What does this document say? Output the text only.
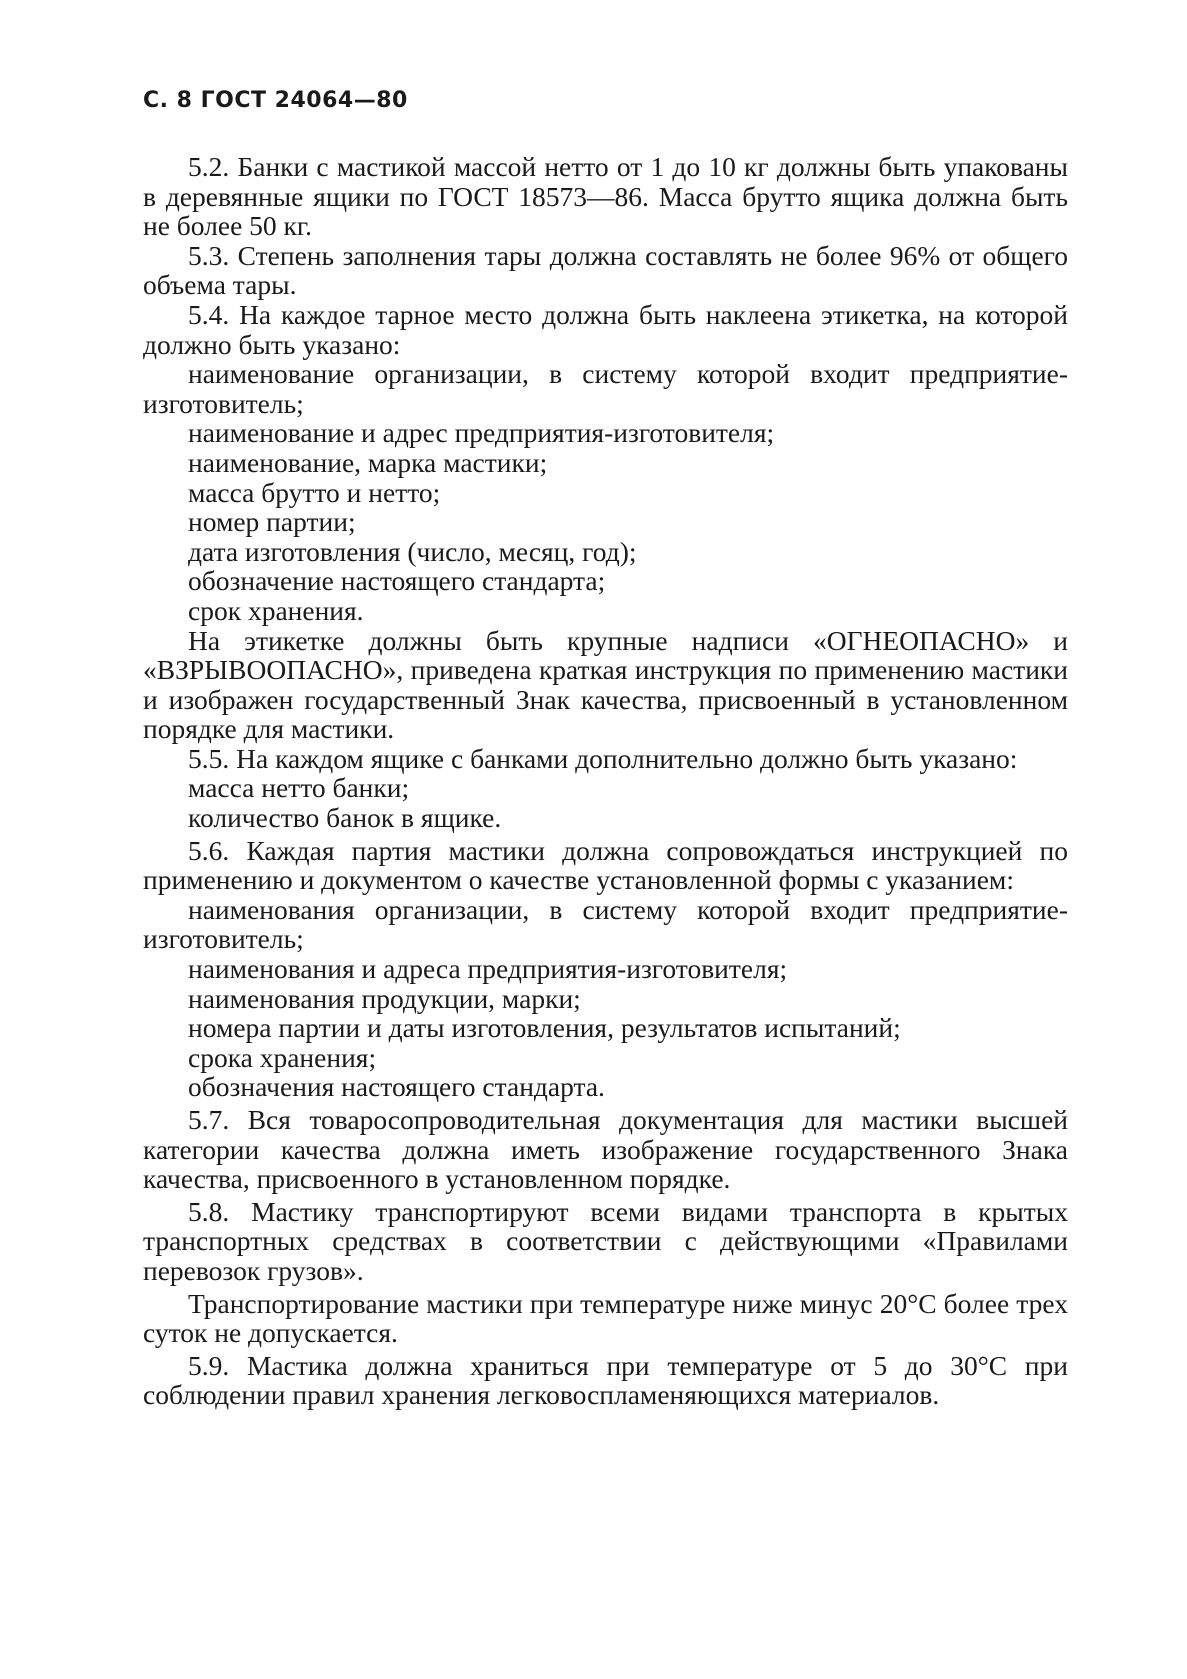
С. 8 ГОСТ 24064—80

5.2. Банки с мастикой массой нетто от 1 до 10 кг должны быть упакованы в деревянные ящики по ГОСТ 18573—86. Масса брутто ящика должна быть не более 50 кг.

5.3. Степень заполнения тары должна составлять не более 96% от общего объема тары.

5.4. На каждое тарное место должна быть наклеена этикетка, на которой должно быть указано:

наименование организации, в систему которой входит предприятие-изготовитель;
наименование и адрес предприятия-изготовителя;
наименование, марка мастики;
масса брутто и нетто;
номер партии;
дата изготовления (число, месяц, год);
обозначение настоящего стандарта;
срок хранения.

На этикетке должны быть крупные надписи «ОГНЕОПАСНО» и «ВЗРЫВООПАСНО», приведена краткая инструкция по применению мастики и изображен государственный Знак качества, присвоенный в установленном порядке для мастики.

5.5. На каждом ящике с банками дополнительно должно быть указано:

масса нетто банки;
количество банок в ящике.

5.6. Каждая партия мастики должна сопровождаться инструкцией по применению и документом о качестве установленной формы с указанием:

наименования организации, в систему которой входит предприятие-изготовитель;
наименования и адреса предприятия-изготовителя;
наименования продукции, марки;
номера партии и даты изготовления, результатов испытаний;
срока хранения;
обозначения настоящего стандарта.

5.7. Вся товаросопроводительная документация для мастики высшей категории качества должна иметь изображение государственного Знака качества, присвоенного в установленном порядке.

5.8. Мастику транспортируют всеми видами транспорта в крытых транспортных средствах в соответствии с действующими «Правилами перевозок грузов».

Транспортирование мастики при температуре ниже минус 20°С более трех суток не допускается.

5.9. Мастика должна храниться при температуре от 5 до 30°С при соблюдении правил хранения легковоспламеняющихся материалов.
